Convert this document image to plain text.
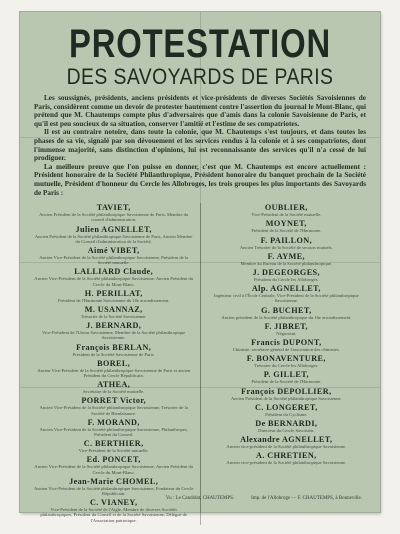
PROTESTATION
DES SAVOYARDS DE PARIS

Les soussignés, présidents, anciens présidents et vice-présidents de diverses Sociétés Savoisiennes de Paris, considèrent comme un devoir de protester hautement contre l'assertion du journal le Mont-Blanc, qui prétend que M. Chautemps compte plus d'adversaires que d'amis dans la colonie Savoisienne de Paris, et qu'il est peu soucieux de sa situation, conserver l'amitié et l'estime de ses compatriotes.

Il est au contraire notoire, dans toute la colonie, que M. Chautemps s'est toujours, et dans toutes les phases de sa vie, signalé par son dévouement et les services rendus à la colonie et à ses compatriotes, dont l'immense majorité, sans distinction d'opinions, lui est reconnaissante des services qu'il n'a cessé de lui prodiguer.

La meilleure preuve que l'on puisse en donner, c'est que M. Chautemps est encore actuellement : Président honoraire de la Société Philanthropique, Président honoraire du banquet prochain de la Société mutuelle, Président d'honneur du Cercle les Allobroges, les trois groupes les plus importants des Savoyards de Paris :

TAVIET,
Ancien Président de la Société philanthropique Savoisienne de Paris, Membre du conseil d'administration.
Julien AGNELLET,
Ancien Président de la Société philanthropique Savoisienne de Paris, Ancien Membre du Conseil d'administration de la Société.
Aimé VIBET,
Ancien Vice-Président de la Société philanthropique Savoisienne, Président de la Société mutuelle.
LALLIARD Claude,
Ancien Vice-Président de la Société philanthropique Savoisienne, Ancien Président du Cercle du Mont-Blanc.
H. PERILLAT,
Président de l'Harmonie Savoisienne du 10e arrondissement.
M. USANNAZ,
Trésorier de la Société Savoisienne.
J. BERNARD,
Vice-Président de l'Union Savoisienne, Membre de la Société philanthropique Savoisienne.
François BERLAN,
Président de la Société Savoisienne de Paris.
BOREL,
Ancien Vice-Président de la Société philanthropique Savoisienne de Paris et ancien Président du Cercle Républicain.
ATHEA,
Secrétaire de la Société mutuelle.
PORRET Victor,
Ancien Vice-Président de la Société philanthropique Savoisienne, Trésorier de la Société de Bienfaisance.
F. MORAND,
Ancien Vice-Président de la Société philanthropique Savoisienne, Philanthropes, Président du Conseil.
C. BERTHIER,
Vice-Président de la Société mutuelle.
Ed. PONCET,
Ancien Vice-Président de la Société philanthropique Savoisienne, Ancien Président du Cercle du Mont-Blanc.
Jean-Marie CHOMEL,
Ancien Vice-Président de la Société philanthropique Savoisienne, Fondateur du Cercle Républicain.
C. VIANEY,
Vice-Président de la Société de l'Aigle, Membre de diverses Sociétés philanthropiques, Président du Conseil et de la Société Savoisienne, Délégué de l'Association patriotique.
OUBLIER,
Vice-Président de la Société mutuelle.
MOYNET,
Président de la Société de l'Harmonie.
F. PAILLON,
Ancien Trésorier de la Société de secours mutuels.
F. AYME,
Membre du Bureau de la Société philanthropique.
J. DEGEORGES,
Président du Cercle les Allobroges.
Alp. AGNELLET,
Ingénieur civil à l'École Centrale, Vice-Président de la Société philanthropique Savoisienne.
G. BUCHET,
Ancien président de la Société philanthropique du 16e arrondissement.
F. JIBRET,
Négociant.
Francis DUPONT,
Chimiste, secrétaire général de l'association des chimistes.
F. BONAVENTURE,
Trésorier du Cercle les Allobroges.
P. GILLET,
Président de la Société de l'Harmonie.
François DEPOLLIER,
Ancien Président de la Société philanthropique Savoisienne.
C. LONGERET,
Président du Cyclisme.
De BERNARDI,
Directeur du Cercle Savoisien.
Alexandre AGNELLET,
Ancien vice-président de la Société philanthropique Savoisienne.
A. CHRETIEN,
Ancien vice-président de la Société philanthropique Savoisienne.
Vu : Le Candidat, CHAUTEMPS.	Imp. de l'Allobroge — F. CHAUTEMPS, à Bonneville.
